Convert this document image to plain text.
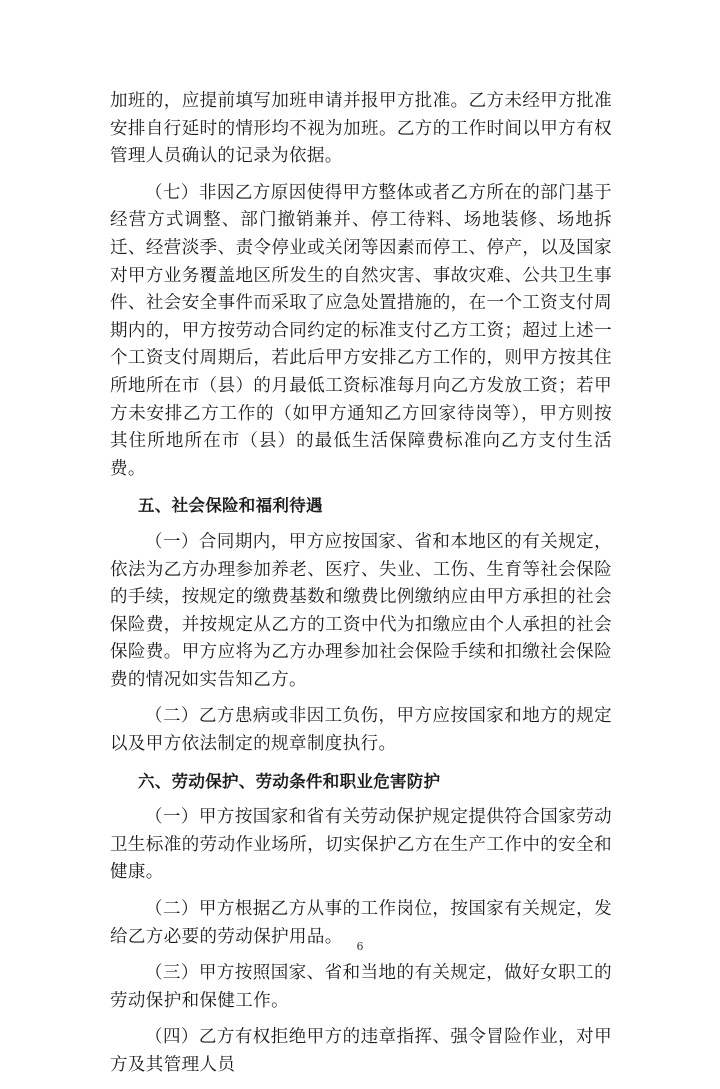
加班的，应提前填写加班申请并报甲方批准。乙方未经甲方批准安排自行延时的情形均不视为加班。乙方的工作时间以甲方有权管理人员确认的记录为依据。

（七）非因乙方原因使得甲方整体或者乙方所在的部门基于经营方式调整、部门撤销兼并、停工待料、场地装修、场地拆迁、经营淡季、责令停业或关闭等因素而停工、停产，以及国家对甲方业务覆盖地区所发生的自然灾害、事故灾难、公共卫生事件、社会安全事件而采取了应急处置措施的，在一个工资支付周期内的，甲方按劳动合同约定的标准支付乙方工资；超过上述一个工资支付周期后，若此后甲方安排乙方工作的，则甲方按其住所地所在市（县）的月最低工资标准每月向乙方发放工资；若甲方未安排乙方工作的（如甲方通知乙方回家待岗等），甲方则按其住所地所在市（县）的最低生活保障费标准向乙方支付生活费。

五、社会保险和福利待遇

（一）合同期内，甲方应按国家、省和本地区的有关规定，依法为乙方办理参加养老、医疗、失业、工伤、生育等社会保险的手续，按规定的缴费基数和缴费比例缴纳应由甲方承担的社会保险费，并按规定从乙方的工资中代为扣缴应由个人承担的社会保险费。甲方应将为乙方办理参加社会保险手续和扣缴社会保险费的情况如实告知乙方。

（二）乙方患病或非因工负伤，甲方应按国家和地方的规定以及甲方依法制定的规章制度执行。

六、劳动保护、劳动条件和职业危害防护

（一）甲方按国家和省有关劳动保护规定提供符合国家劳动卫生标准的劳动作业场所，切实保护乙方在生产工作中的安全和健康。

（二）甲方根据乙方从事的工作岗位，按国家有关规定，发给乙方必要的劳动保护用品。

（三）甲方按照国家、省和当地的有关规定，做好女职工的劳动保护和保健工作。

（四）乙方有权拒绝甲方的违章指挥、强令冒险作业，对甲方及其管理人员

6
